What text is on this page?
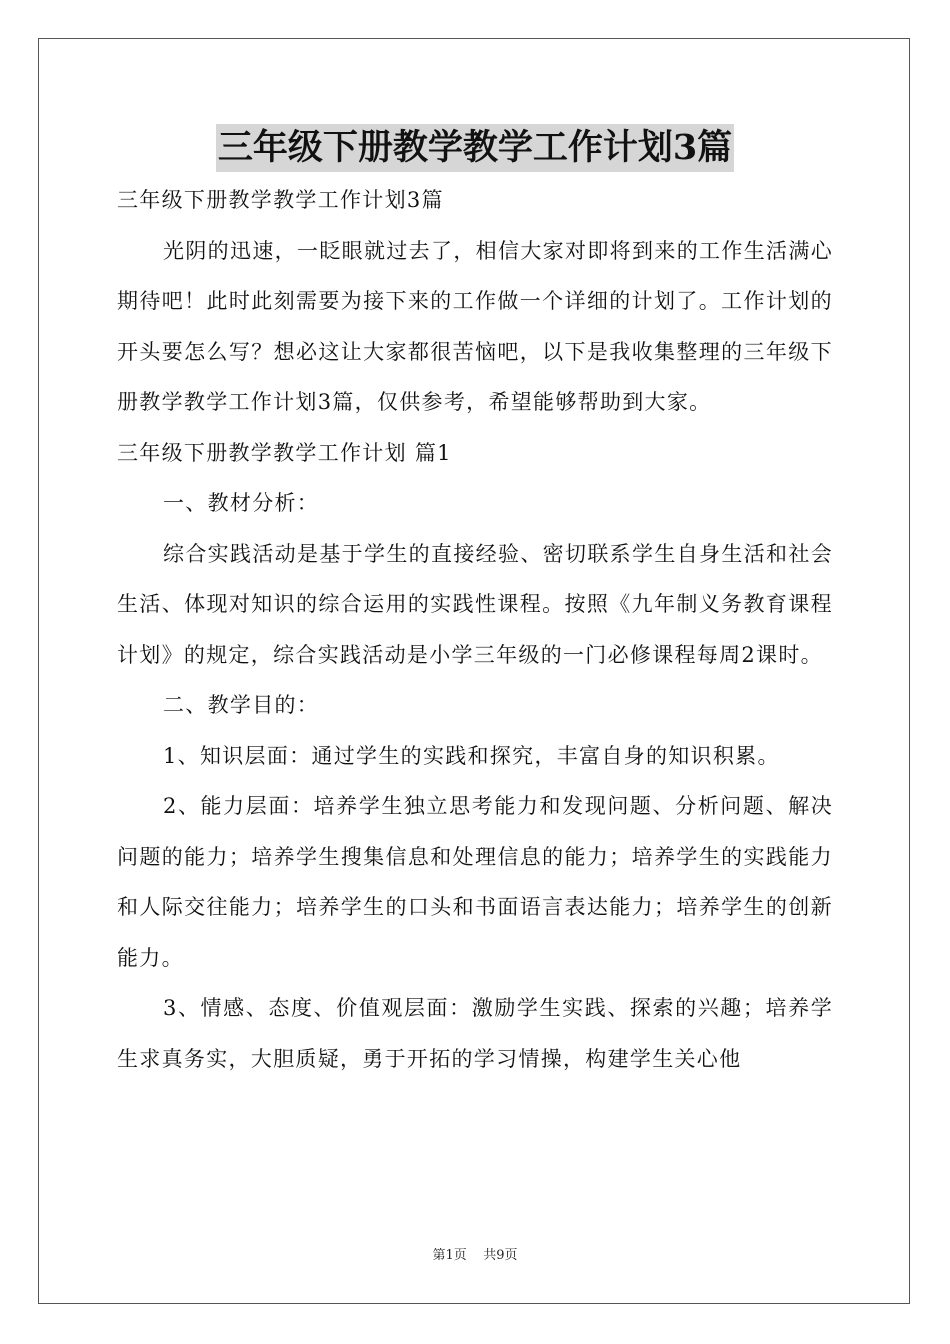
三年级下册教学教学工作计划3篇

三年级下册教学教学工作计划3篇

光阴的迅速，一眨眼就过去了，相信大家对即将到来的工作生活满心期待吧！此时此刻需要为接下来的工作做一个详细的计划了。工作计划的开头要怎么写？想必这让大家都很苦恼吧，以下是我收集整理的三年级下册教学教学工作计划3篇，仅供参考，希望能够帮助到大家。

三年级下册教学教学工作计划 篇1

一、教材分析：

综合实践活动是基于学生的直接经验、密切联系学生自身生活和社会生活、体现对知识的综合运用的实践性课程。按照《九年制义务教育课程计划》的规定，综合实践活动是小学三年级的一门必修课程每周2课时。

二、教学目的：

1、知识层面：通过学生的实践和探究，丰富自身的知识积累。

2、能力层面：培养学生独立思考能力和发现问题、分析问题、解决问题的能力；培养学生搜集信息和处理信息的能力；培养学生的实践能力和人际交往能力；培养学生的口头和书面语言表达能力；培养学生的创新能力。

3、情感、态度、价值观层面：激励学生实践、探索的兴趣；培养学生求真务实，大胆质疑，勇于开拓的学习情操，构建学生关心他

第1页 共9页
